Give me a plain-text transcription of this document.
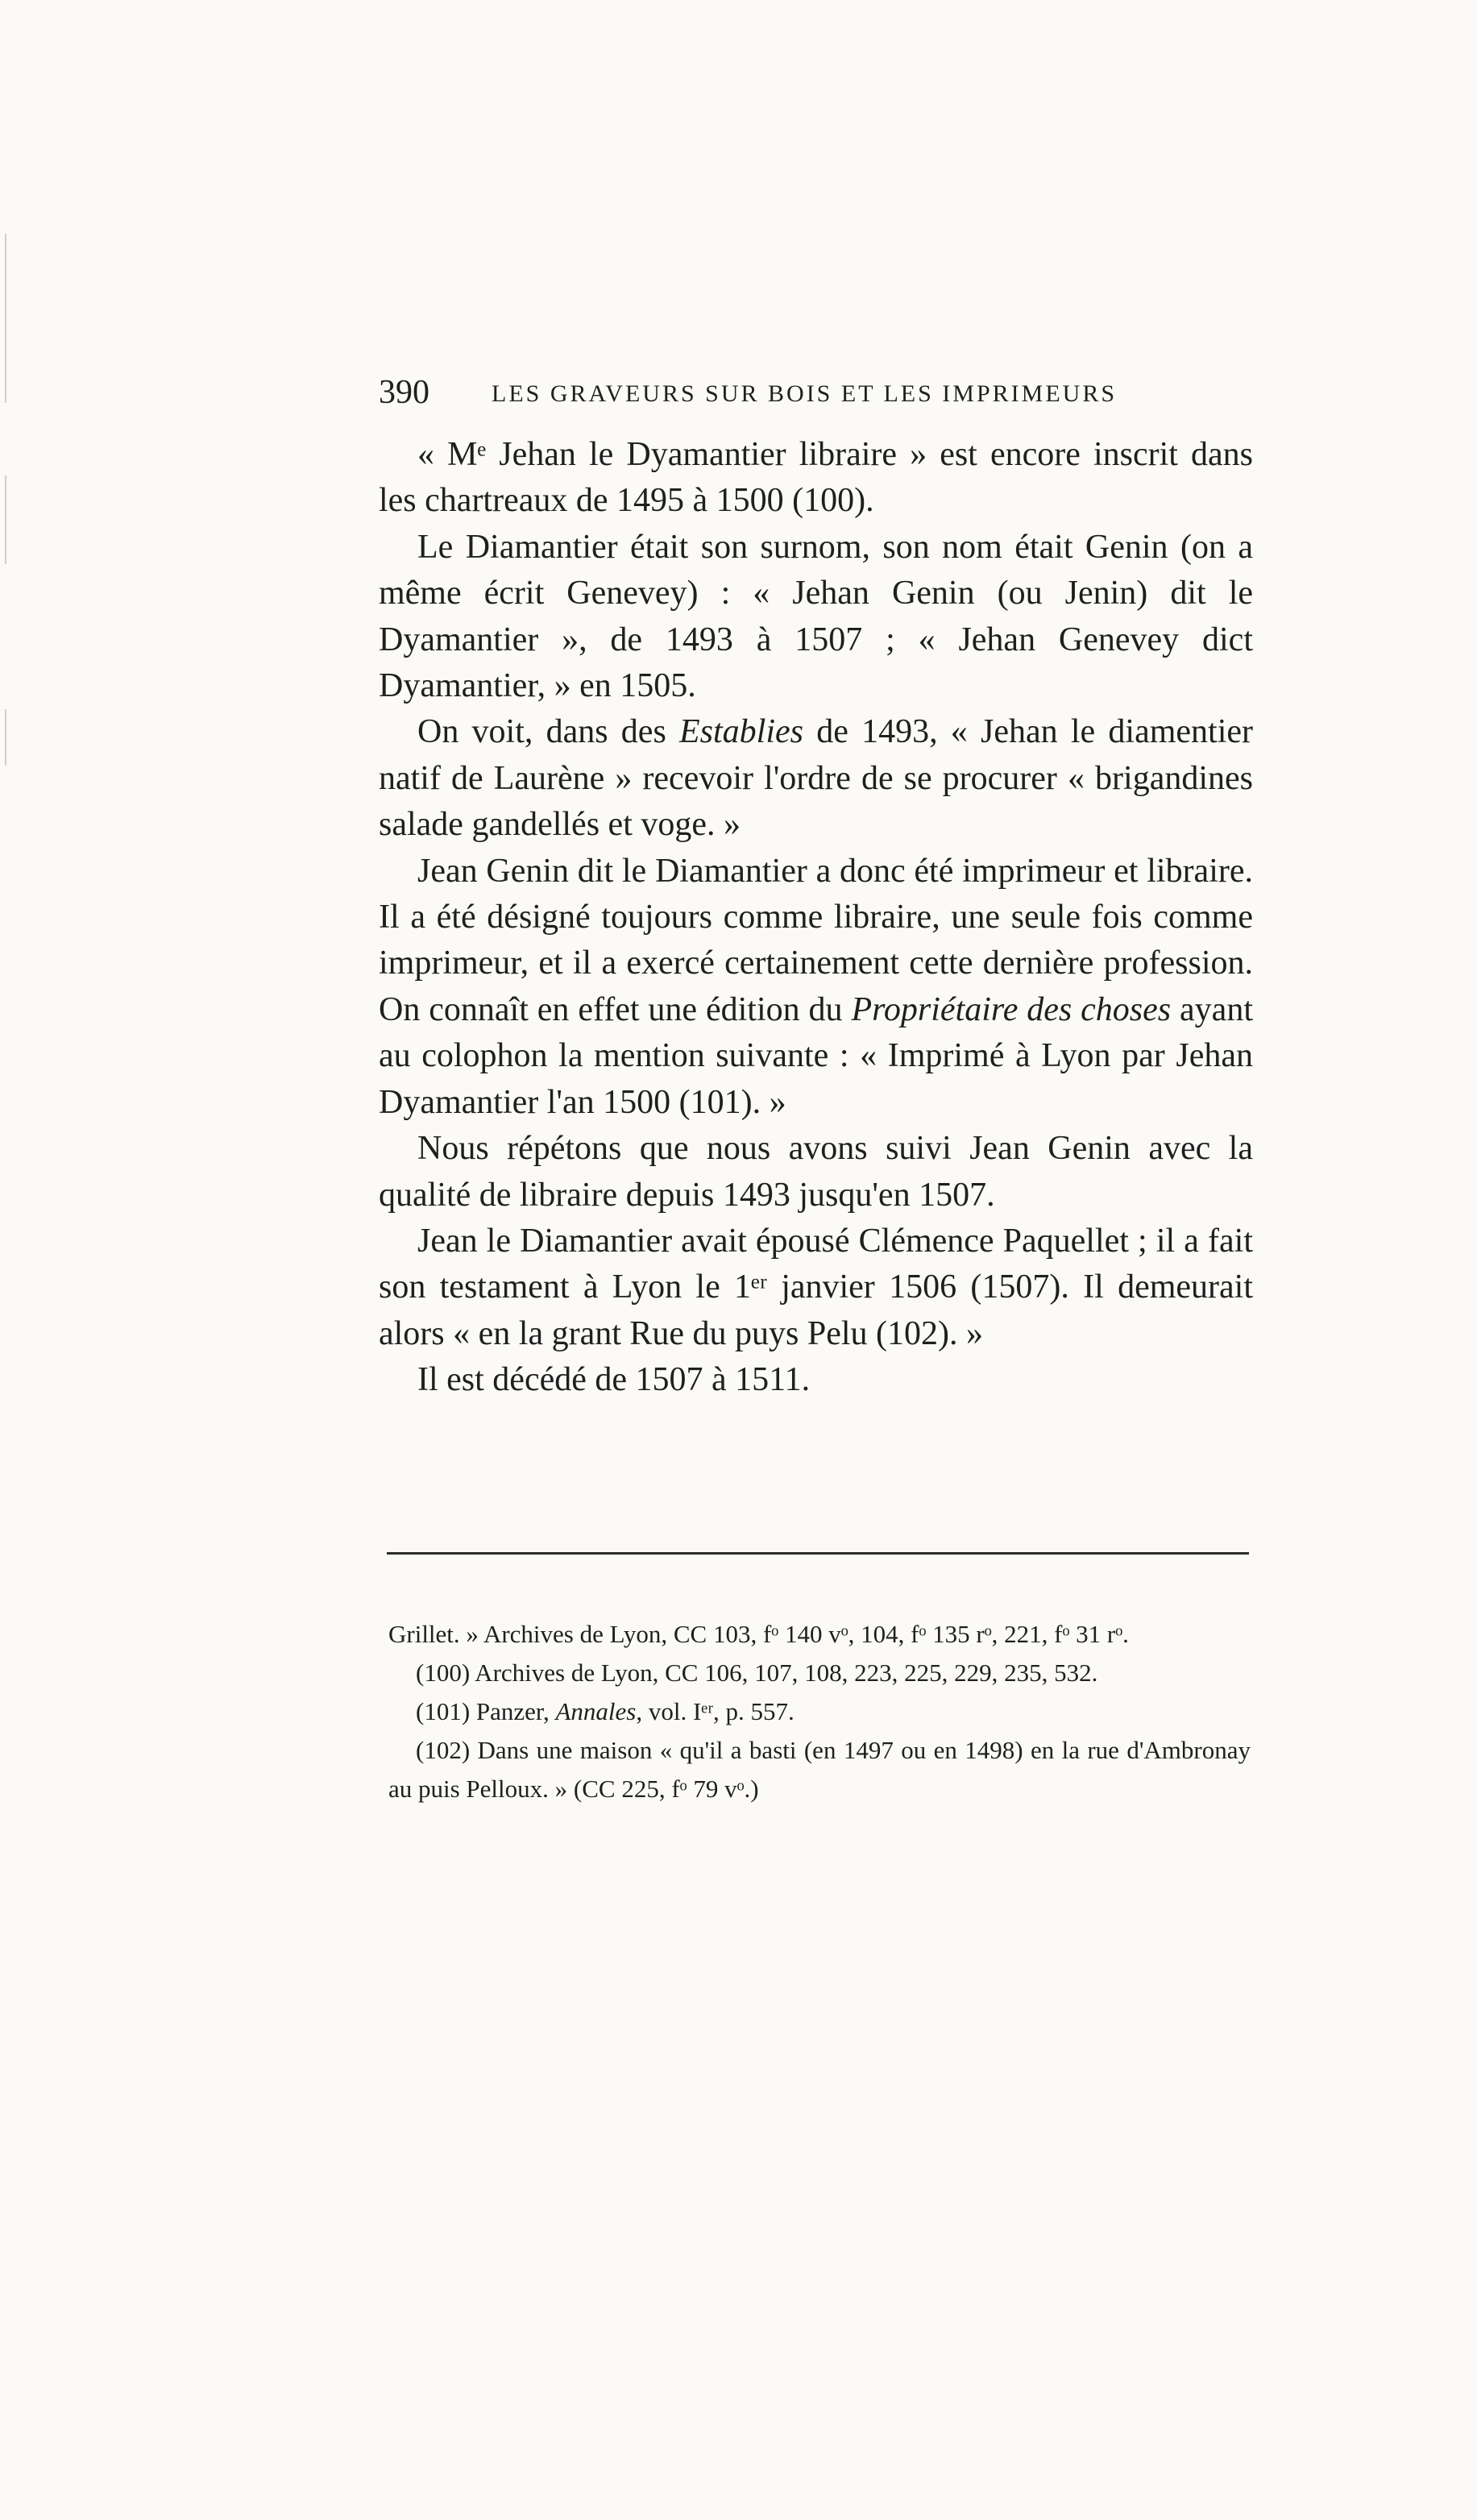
390	LES GRAVEURS SUR BOIS ET LES IMPRIMEURS

« Mᵉ Jehan le Dyamantier libraire » est encore inscrit dans les chartreaux de 1495 à 1500 (100).

Le Diamantier était son surnom, son nom était Genin (on a même écrit Genevey) : « Jehan Genin (ou Jenin) dit le Dyamantier », de 1493 à 1507 ; « Jehan Genevey dict Dyamantier, » en 1505.

On voit, dans des Establies de 1493, « Jehan le diamentier natif de Laurène » recevoir l'ordre de se procurer « brigandines salade gandellés et voge. »

Jean Genin dit le Diamantier a donc été imprimeur et libraire. Il a été désigné toujours comme libraire, une seule fois comme imprimeur, et il a exercé certainement cette dernière profession. On connaît en effet une édition du Propriétaire des choses ayant au colophon la mention suivante : « Imprimé à Lyon par Jehan Dyamantier l'an 1500 (101). »

Nous répétons que nous avons suivi Jean Genin avec la qualité de libraire depuis 1493 jusqu'en 1507.

Jean le Diamantier avait épousé Clémence Paquellet ; il a fait son testament à Lyon le 1ᵉʳ janvier 1506 (1507). Il demeurait alors « en la grant Rue du puys Pelu (102). »

Il est décédé de 1507 à 1511.

Grillet. » Archives de Lyon, CC 103, fᵒ 140 vᵒ, 104, fᵒ 135 rᵒ, 221, fᵒ 31 rᵒ.

(100) Archives de Lyon, CC 106, 107, 108, 223, 225, 229, 235, 532.

(101) Panzer, Annales, vol. Iᵉʳ, p. 557.

(102) Dans une maison « qu'il a basti (en 1497 ou en 1498) en la rue d'Ambronay au puis Pelloux. » (CC 225, fᵒ 79 vᵒ.)
